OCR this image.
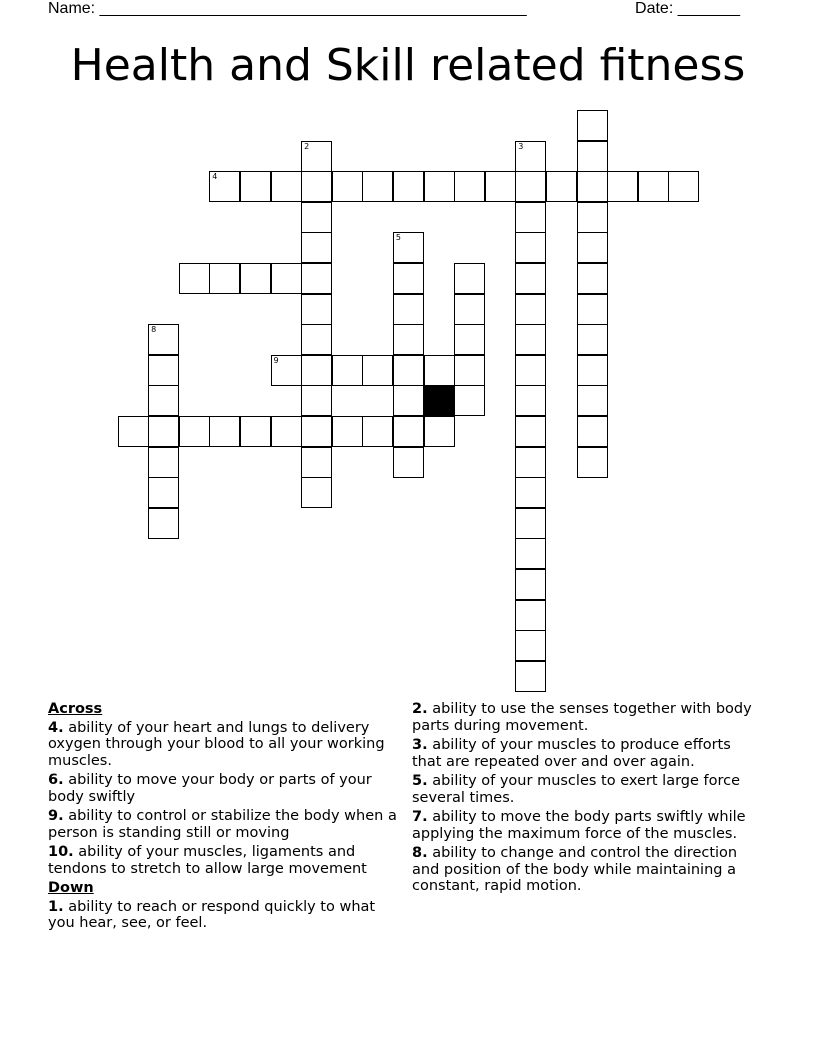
Name: ________________________________________________	Date: _______
Health and Skill related fitness
2	3
4
5
8
9
Across
4. ability of your heart and lungs to delivery oxygen through your blood to all your working muscles.
6. ability to move your body or parts of your body swiftly
9. ability to control or stabilize the body when a person is standing still or moving
10. ability of your muscles, ligaments and tendons to stretch to allow large movement
Down
1. ability to reach or respond quickly to what you hear, see, or feel.
2. ability to use the senses together with body parts during movement.
3. ability of your muscles to produce efforts that are repeated over and over again.
5. ability of your muscles to exert large force several times.
7. ability to move the body parts swiftly while applying the maximum force of the muscles.
8. ability to change and control the direction and position of the body while maintaining a constant, rapid motion.
